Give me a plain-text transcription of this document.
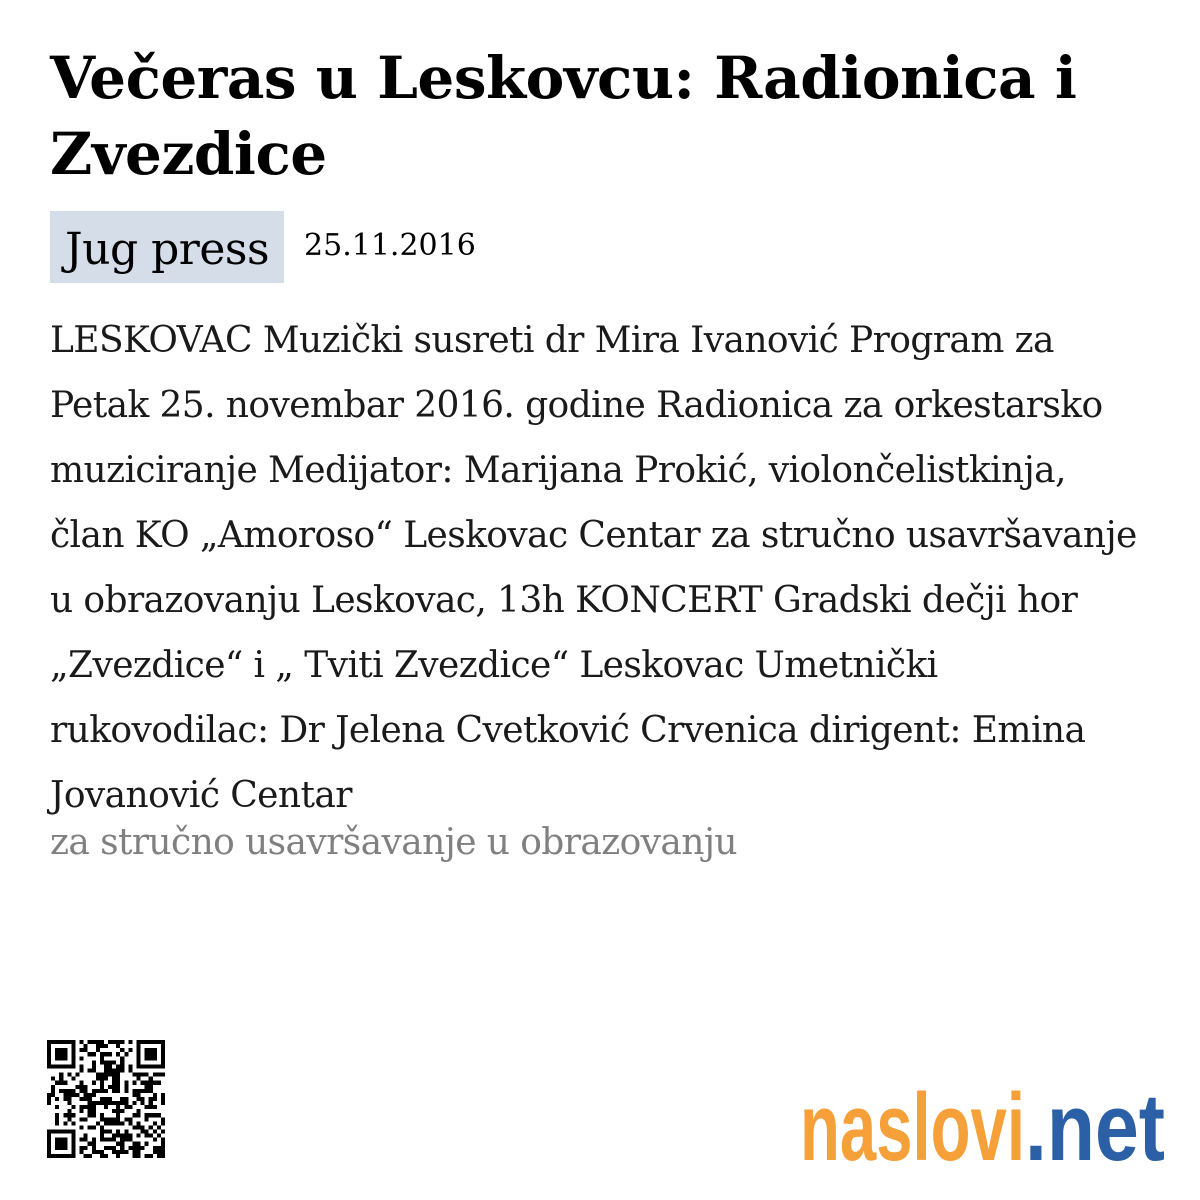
Večeras u Leskovcu: Radionica i Zvezdice
Jug press	25.11.2016

LESKOVAC Muzički susreti dr Mira Ivanović Program za Petak 25. novembar 2016. godine Radionica za orkestarsko muziciranje Medijator: Marijana Prokić, violončelistkinja, član KO „Amoroso“ Leskovac Centar za stručno usavršavanje u obrazovanju Leskovac, 13h KONCERT Gradski dečji hor „Zvezdice“ i „ Tviti Zvezdice“ Leskovac Umetnički rukovodilac: Dr Jelena Cvetković Crvenica dirigent: Emina Jovanović Centar

za stručno usavršavanje u obrazovanju

naslovi .net
